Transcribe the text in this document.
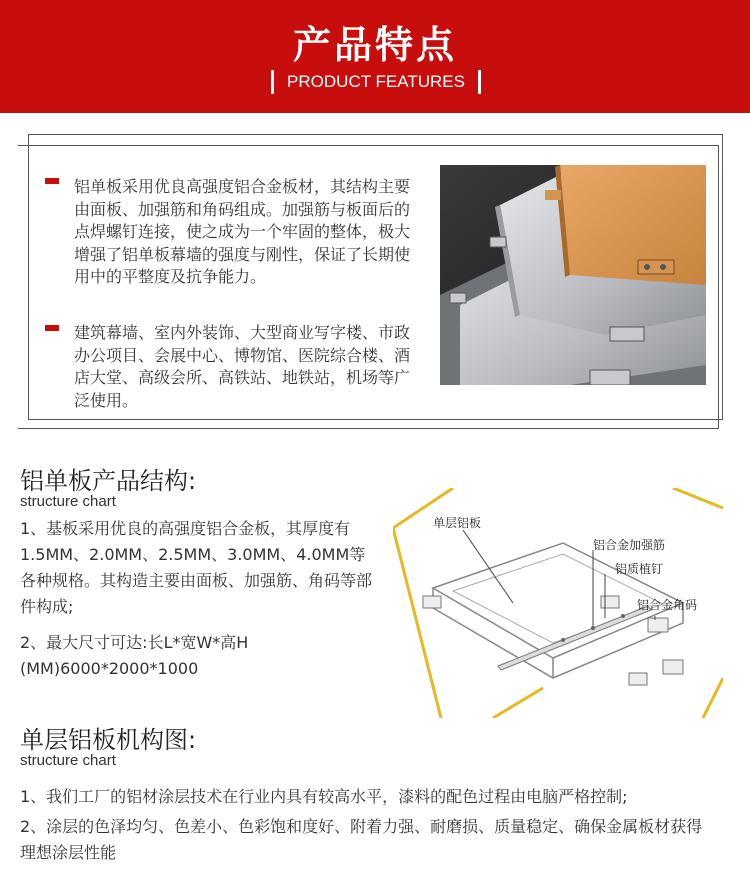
产品特点
PRODUCT FEATURES
铝单板采用优良高强度铝合金板材，其结构主要由面板、加强筋和角码组成。加强筋与板面后的点焊螺钉连接，使之成为一个牢固的整体，极大增强了铝单板幕墙的强度与刚性，保证了长期使用中的平整度及抗争能力。
建筑幕墙、室内外装饰、大型商业写字楼、市政办公项目、会展中心、博物馆、医院综合楼、酒店大堂、高级会所、高铁站、地铁站，机场等广泛使用。
铝单板产品结构:
structure chart
1、基板采用优良的高强度铝合金板，其厚度有1.5MM、2.0MM、2.5MM、3.0MM、4.0MM等各种规格。其构造主要由面板、加强筋、角码等部件构成;
2、最大尺寸可达:长L*宽W*高H (MM)6000*2000*1000
单层铝板
铝合金加强筋
铝质植钉
铝合金角码
单层铝板机构图:
structure chart
1、我们工厂的铝材涂层技术在行业内具有较高水平，漆料的配色过程由电脑严格控制;
2、涂层的色泽均匀、色差小、色彩饱和度好、附着力强、耐磨损、质量稳定、确保金属板材获得理想涂层性能
